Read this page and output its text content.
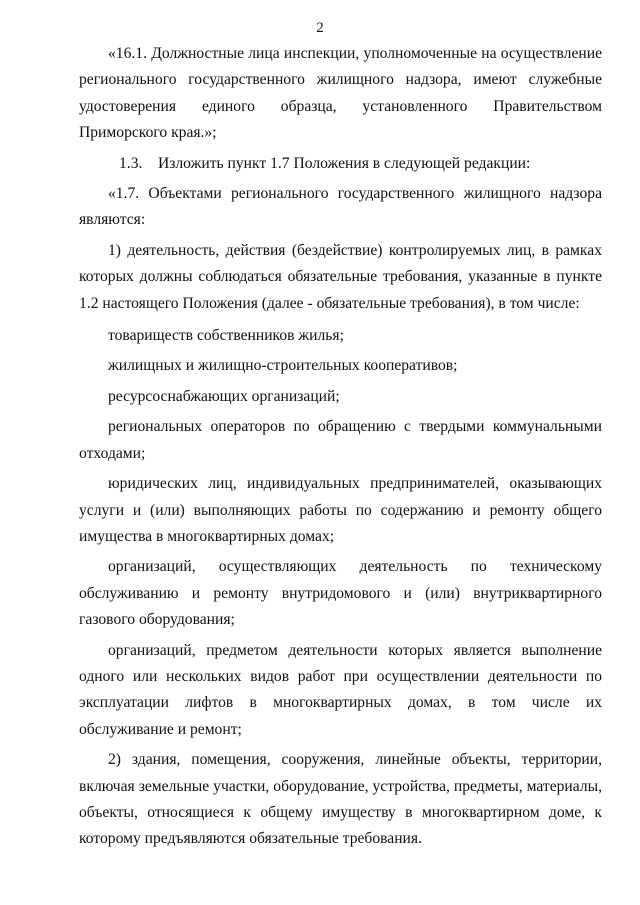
2

«16.1. Должностные лица инспекции, уполномоченные на осуществление регионального государственного жилищного надзора, имеют служебные удостоверения единого образца, установленного Правительством Приморского края.»;

1.3.    Изложить пункт 1.7 Положения в следующей редакции:

«1.7. Объектами регионального государственного жилищного надзора являются:

1) деятельность, действия (бездействие) контролируемых лиц, в рамках которых должны соблюдаться обязательные требования, указанные в пункте 1.2 настоящего Положения (далее - обязательные требования), в том числе:

товариществ собственников жилья;

жилищных и жилищно-строительных кооперативов;

ресурсоснабжающих организаций;

региональных операторов по обращению с твердыми коммунальными отходами;

юридических лиц, индивидуальных предпринимателей, оказывающих услуги и (или) выполняющих работы по содержанию и ремонту общего имущества в многоквартирных домах;

организаций, осуществляющих деятельность по техническому обслуживанию и ремонту внутридомового и (или) внутриквартирного газового оборудования;

организаций, предметом деятельности которых является выполнение одного или нескольких видов работ при осуществлении деятельности по эксплуатации лифтов в многоквартирных домах, в том числе их обслуживание и ремонт;

2) здания, помещения, сооружения, линейные объекты, территории, включая земельные участки, оборудование, устройства, предметы, материалы, объекты, относящиеся к общему имуществу в многоквартирном доме, к которому предъявляются обязательные требования.
